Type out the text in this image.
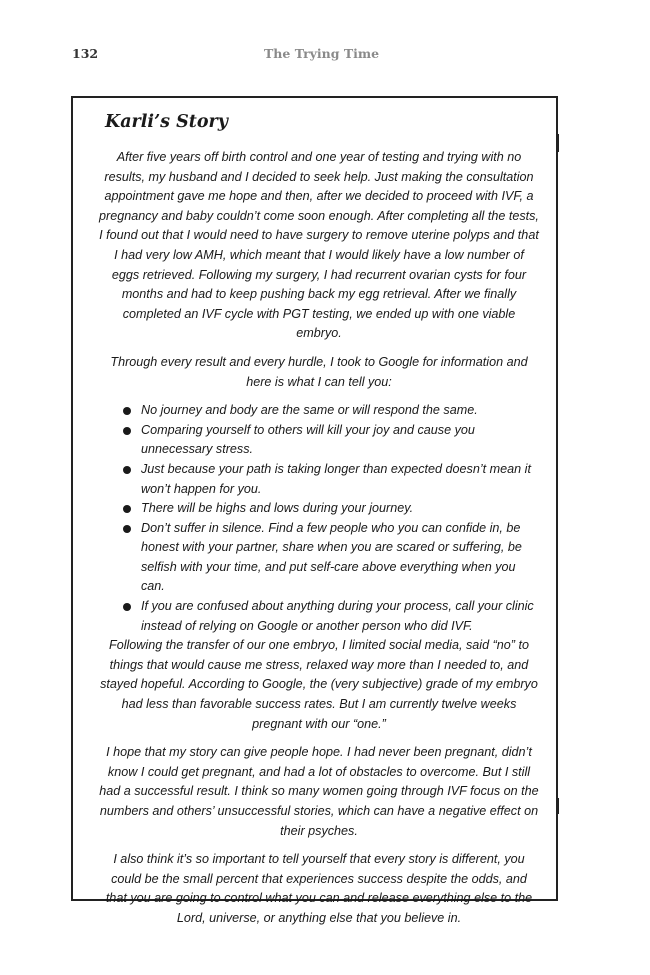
132	The Trying Time
Karli’s Story

After five years off birth control and one year of testing and trying with no results, my husband and I decided to seek help. Just making the consultation appointment gave me hope and then, after we decided to proceed with IVF, a pregnancy and baby couldn’t come soon enough. After completing all the tests, I found out that I would need to have surgery to remove uterine polyps and that I had very low AMH, which meant that I would likely have a low number of eggs retrieved. Following my surgery, I had recurrent ovarian cysts for four months and had to keep pushing back my egg retrieval. After we finally completed an IVF cycle with PGT testing, we ended up with one viable embryo.

Through every result and every hurdle, I took to Google for information and here is what I can tell you:

No journey and body are the same or will respond the same.
Comparing yourself to others will kill your joy and cause you unnecessary stress.
Just because your path is taking longer than expected doesn’t mean it won’t happen for you.
There will be highs and lows during your journey.
Don’t suffer in silence. Find a few people who you can confide in, be honest with your partner, share when you are scared or suffering, be selfish with your time, and put self-care above everything when you can.
If you are confused about anything during your process, call your clinic instead of relying on Google or another person who did IVF.

Following the transfer of our one embryo, I limited social media, said “no” to things that would cause me stress, relaxed way more than I needed to, and stayed hopeful. According to Google, the (very subjective) grade of my embryo had less than favorable success rates. But I am currently twelve weeks pregnant with our “one.”

I hope that my story can give people hope. I had never been pregnant, didn’t know I could get pregnant, and had a lot of obstacles to overcome. But I still had a successful result. I think so many women going through IVF focus on the numbers and others’ unsuccessful stories, which can have a negative effect on their psyches.

I also think it’s so important to tell yourself that every story is different, you could be the small percent that experiences success despite the odds, and that you are going to control what you can and release everything else to the Lord, universe, or anything else that you believe in.
